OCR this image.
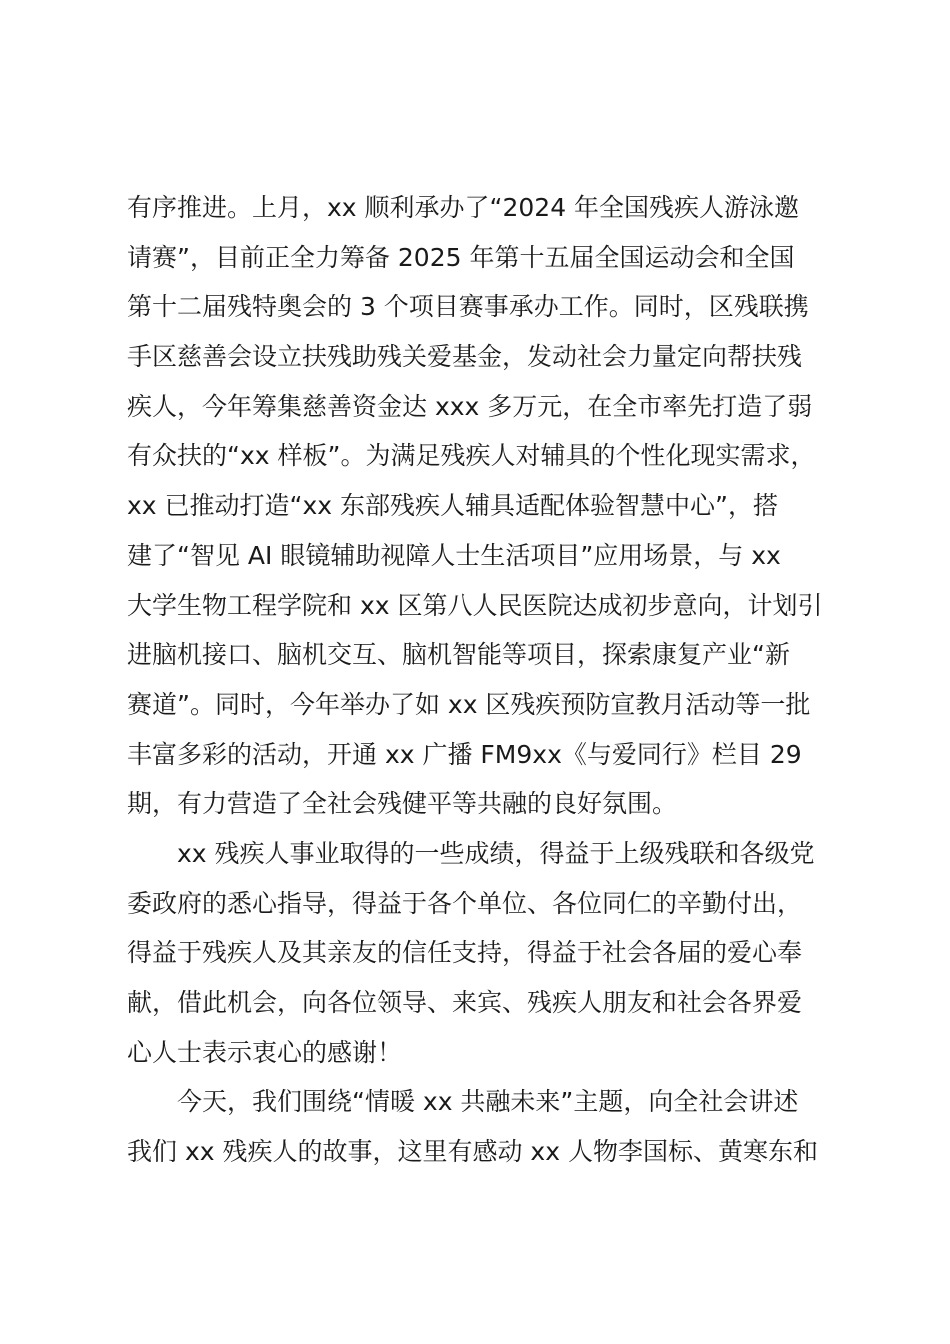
有序推进。上月，xx 顺利承办了“2024 年全国残疾人游泳邀
请赛”，目前正全力筹备 2025 年第十五届全国运动会和全国
第十二届残特奥会的 3 个项目赛事承办工作。同时，区残联携
手区慈善会设立扶残助残关爱基金，发动社会力量定向帮扶残
疾人，今年筹集慈善资金达 xxx 多万元，在全市率先打造了弱
有众扶的“xx 样板”。为满足残疾人对辅具的个性化现实需求，
xx 已推动打造“xx 东部残疾人辅具适配体验智慧中心”，搭
建了“智见 AI 眼镜辅助视障人士生活项目”应用场景，与 xx
大学生物工程学院和 xx 区第八人民医院达成初步意向，计划引
进脑机接口、脑机交互、脑机智能等项目，探索康复产业“新
赛道”。同时，今年举办了如 xx 区残疾预防宣教月活动等一批
丰富多彩的活动，开通 xx 广播 FM9xx《与爱同行》栏目 29
期，有力营造了全社会残健平等共融的良好氛围。
xx 残疾人事业取得的一些成绩，得益于上级残联和各级党
委政府的悉心指导，得益于各个单位、各位同仁的辛勤付出，
得益于残疾人及其亲友的信任支持，得益于社会各届的爱心奉
献，借此机会，向各位领导、来宾、残疾人朋友和社会各界爱
心人士表示衷心的感谢！
今天，我们围绕“情暖 xx 共融未来”主题，向全社会讲述
我们 xx 残疾人的故事，这里有感动 xx 人物李国标、黄寒东和
